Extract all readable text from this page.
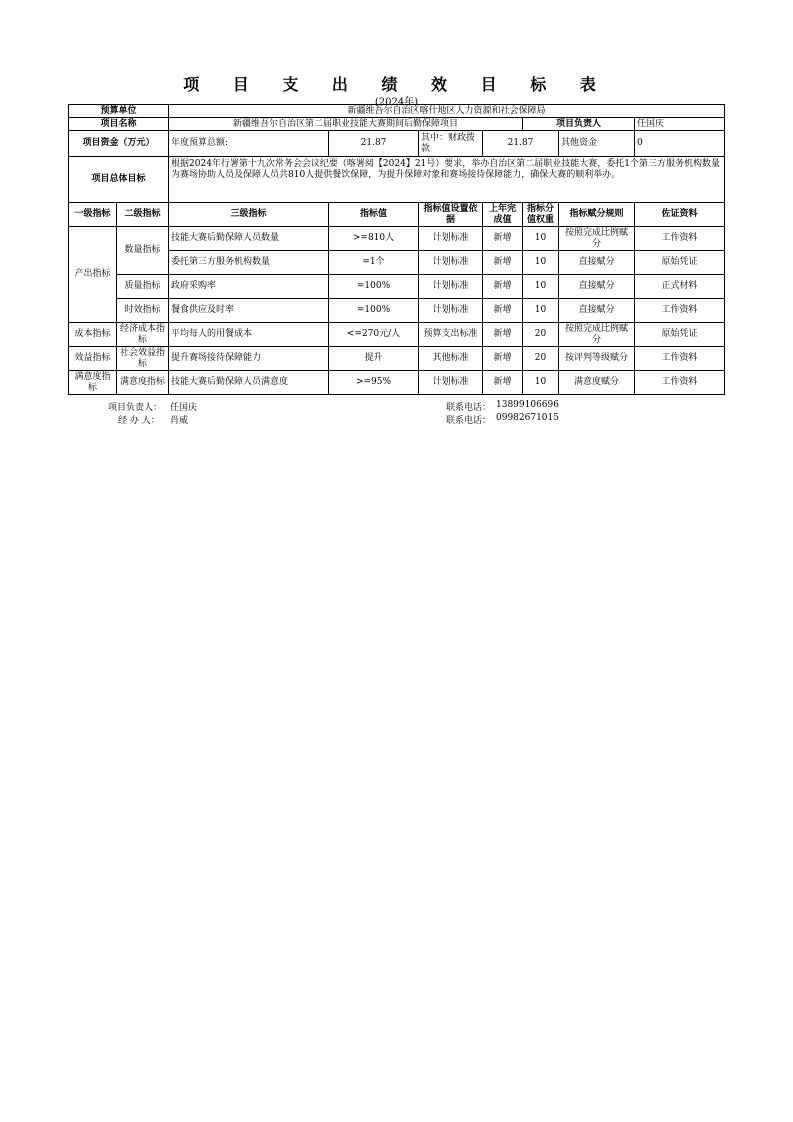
项 目 支 出 绩 效 目 标 表
(2024年)
预算单位		新疆维吾尔自治区喀什地区人力资源和社会保障局						
项目名称		新疆维吾尔自治区第二届职业技能大赛期间后勤保障项目				项目负责人		任国庆
项目资金（万元）		年度预算总额:	21.87	其中：财政拨款	21.87		其他资金	0
项目总体目标		根据2024年行署第十九次常务会会议纪要（喀署阅【2024】21号）要求，举办自治区第二届职业技能大赛，委托1个第三方服务机构数量为赛场协助人员及保障人员共810人提供餐饮保障，为提升保障对象和赛场接待保障能力，确保大赛的顺利举办。						
一级指标	二级指标	三级指标	指标值	指标值设置依据	上年完成值	指标分值权重	指标赋分规则	佐证资料
产出指标	数量指标	技能大赛后勤保障人员数量	>=810人	计划标准	新增	10	按照完成比例赋分	工作资料
		委托第三方服务机构数量	=1个	计划标准	新增	10	直接赋分	原始凭证
	质量指标	政府采购率	=100%	计划标准	新增	10	直接赋分	正式材料
	时效指标	餐食供应及时率	=100%	计划标准	新增	10	直接赋分	工作资料
成本指标	经济成本指标	平均每人的用餐成本	<=270元/人	预算支出标准	新增	20	按照完成比例赋分	原始凭证
效益指标	社会效益指标	提升赛场接待保障能力	提升	其他标准	新增	20	按评判等级赋分	工作资料
满意度指标	满意度指标	技能大赛后勤保障人员满意度	>=95%	计划标准	新增	10	满意度赋分	工作资料
项目负责人： 任国庆	联系电话： 13899106696
经 办 人： 肖威	联系电话： 09982671015
